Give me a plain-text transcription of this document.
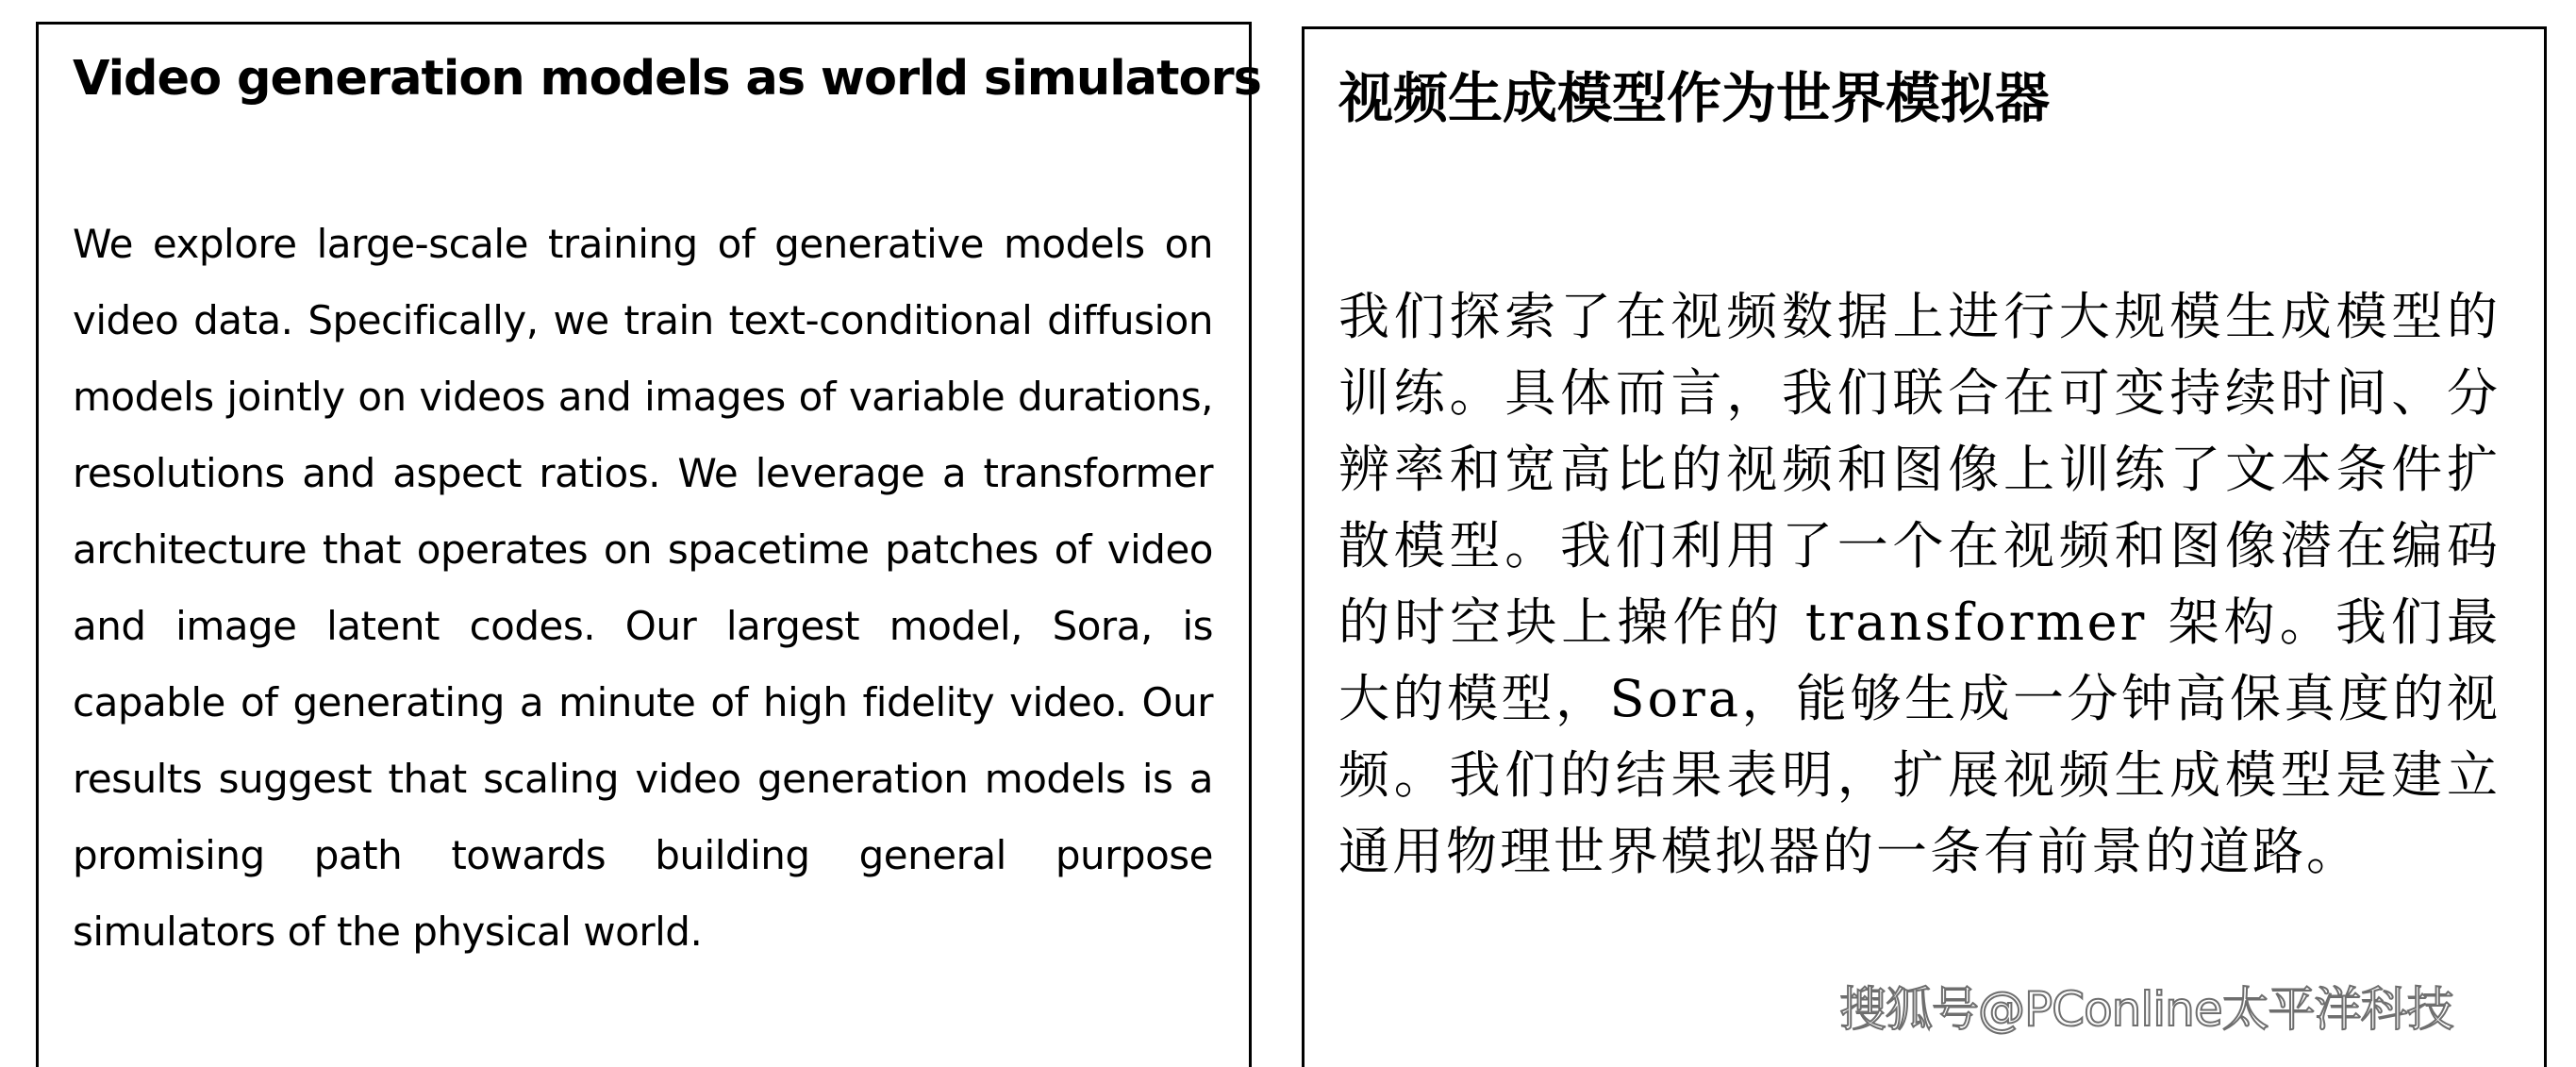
Video generation models as world simulators

We explore large-scale training of generative models on video data. Specifically, we train text-conditional diffusion models jointly on videos and images of variable durations, resolutions and aspect ratios. We leverage a transformer architecture that operates on spacetime patches of video and image latent codes. Our largest model, Sora, is capable of generating a minute of high fidelity video. Our results suggest that scaling video generation models is a promising path towards building general purpose simulators of the physical world.

视频生成模型作为世界模拟器

我们探索了在视频数据上进行大规模生成模型的训练。具体而言，我们联合在可变持续时间、分辨率和宽高比的视频和图像上训练了文本条件扩散模型。我们利用了一个在视频和图像潜在编码的时空块上操作的 transformer 架构。我们最大的模型，Sora，能够生成一分钟高保真度的视频。我们的结果表明，扩展视频生成模型是建立通用物理世界模拟器的一条有前景的道路。

搜狐号@PConline太平洋科技
